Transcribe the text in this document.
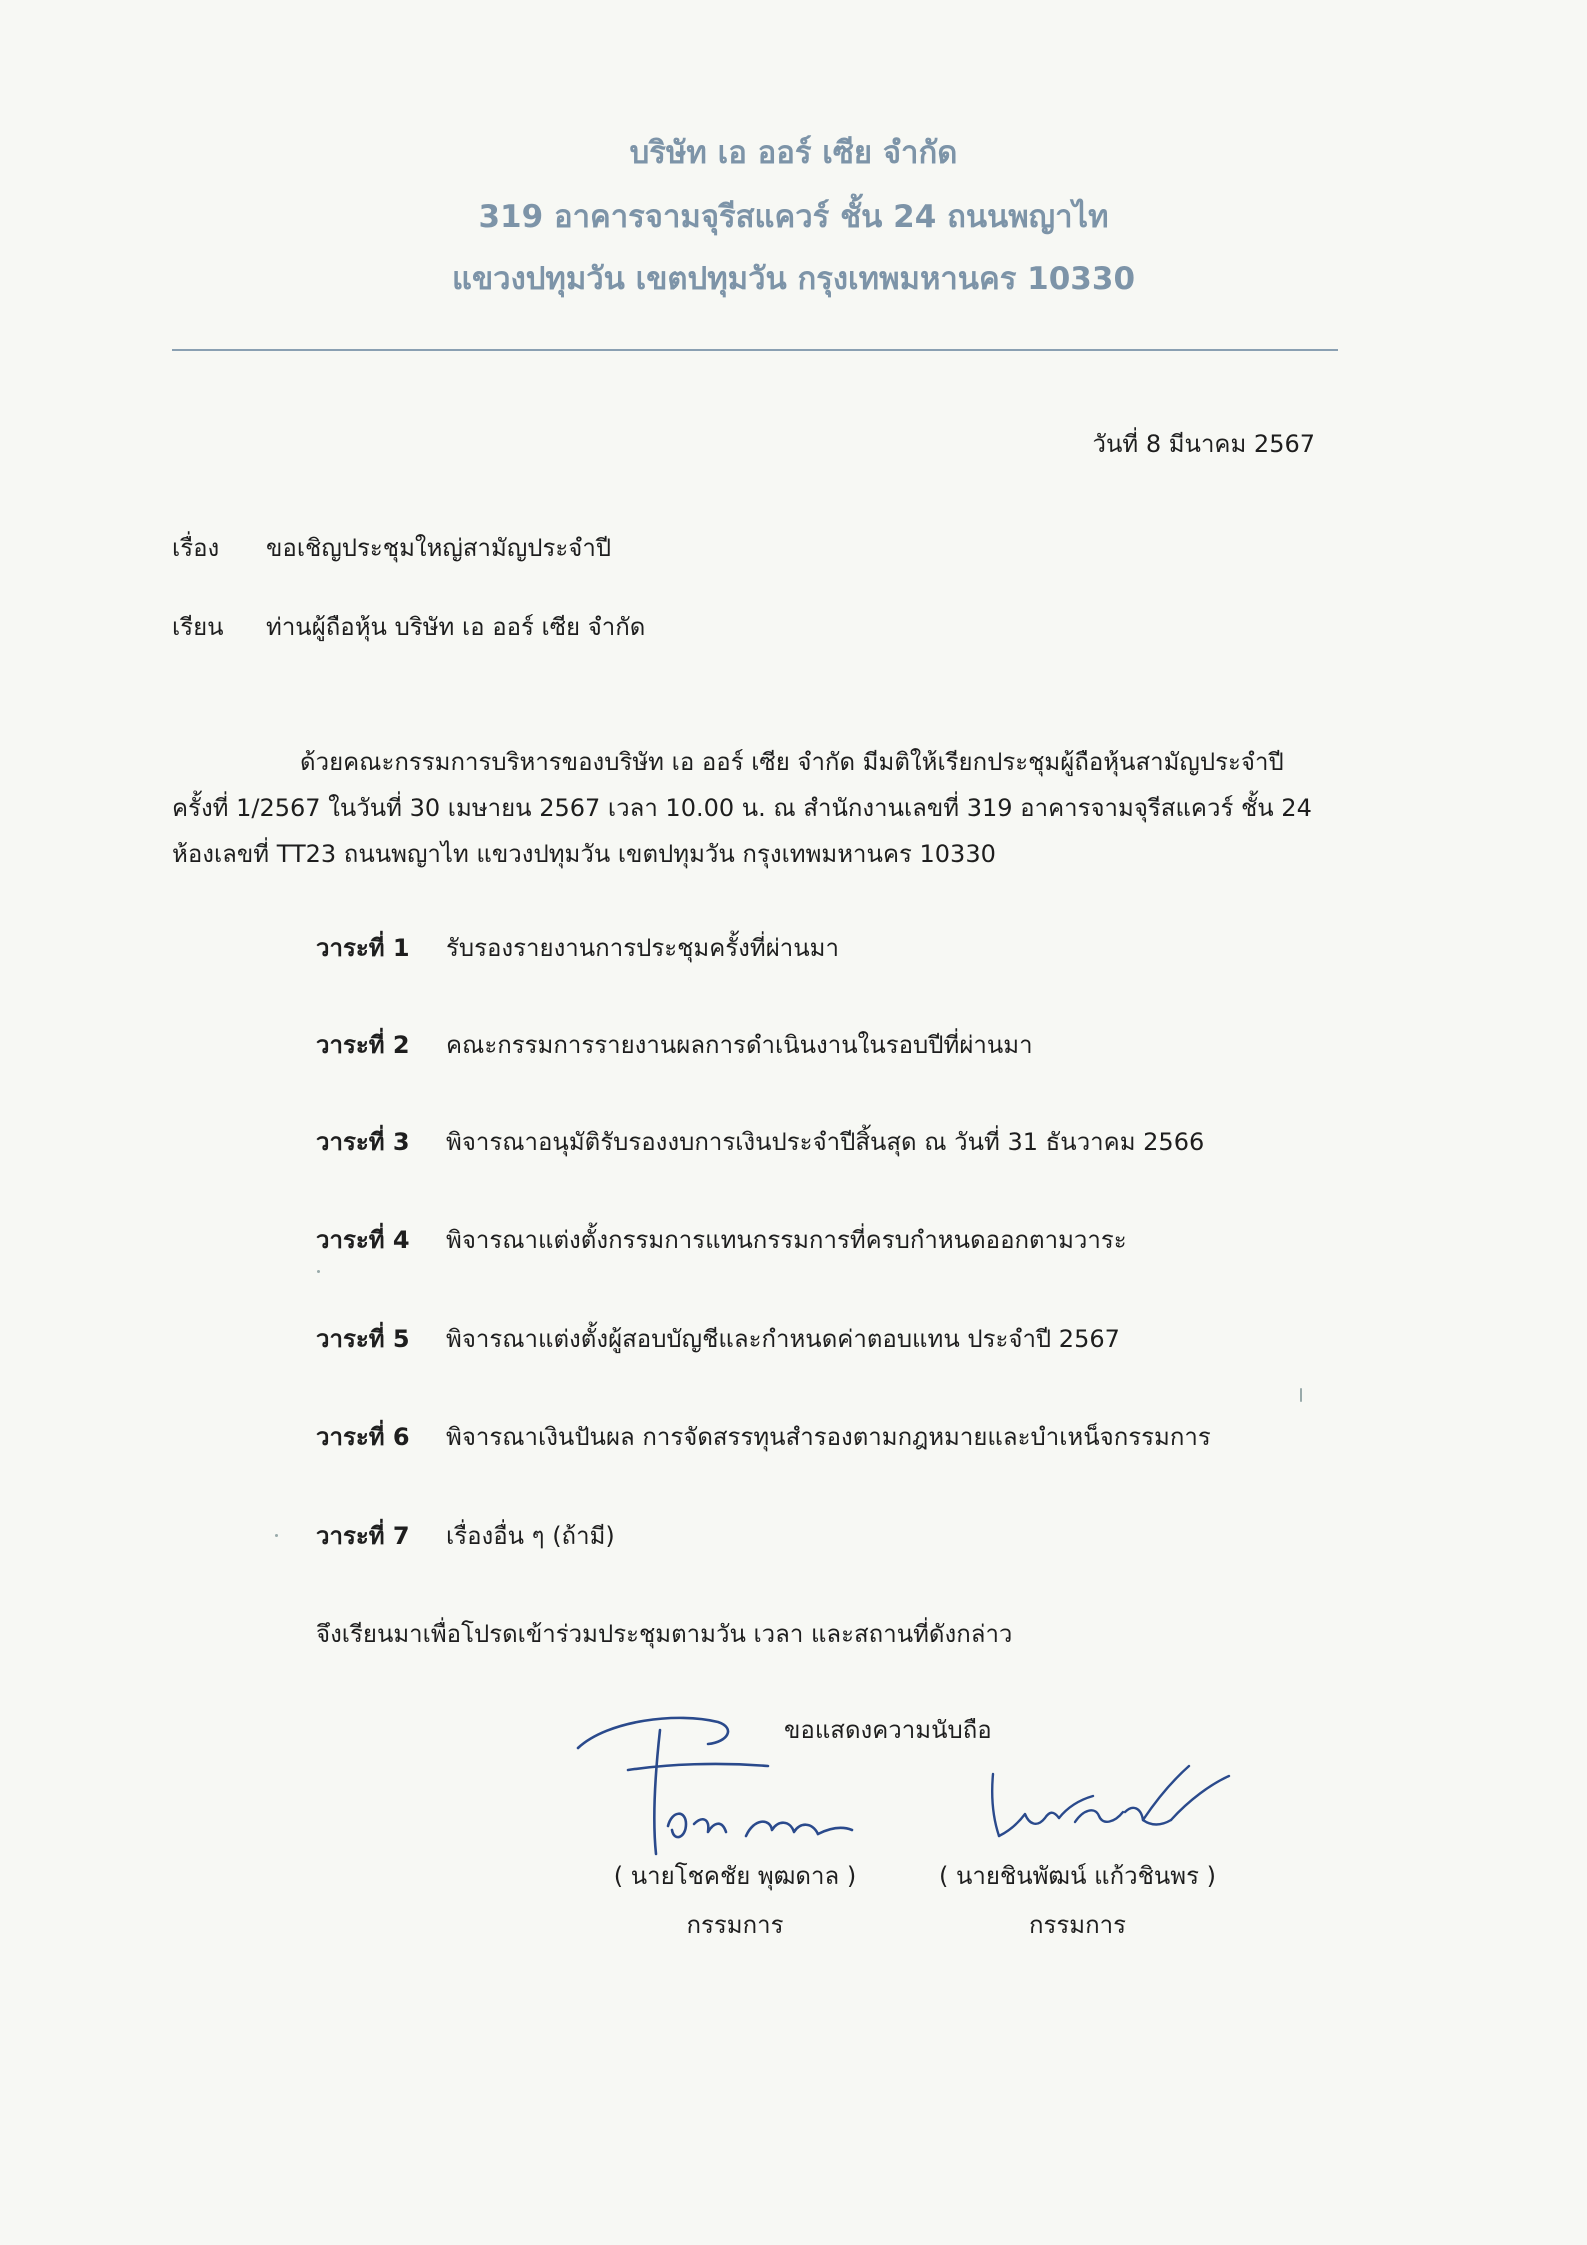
บริษัท เอ ออร์ เซีย จำกัด
319 อาคารจามจุรีสแควร์ ชั้น 24 ถนนพญาไท
แขวงปทุมวัน เขตปทุมวัน กรุงเทพมหานคร 10330
วันที่ 8 มีนาคม 2567
เรื่อง ขอเชิญประชุมใหญ่สามัญประจำปี
เรียน ท่านผู้ถือหุ้น บริษัท เอ ออร์ เซีย จำกัด
ด้วยคณะกรรมการบริหารของบริษัท เอ ออร์ เซีย จำกัด มีมติให้เรียกประชุมผู้ถือหุ้นสามัญประจำปี
ครั้งที่ 1/2567 ในวันที่ 30 เมษายน 2567 เวลา 10.00 น. ณ สำนักงานเลขที่ 319 อาคารจามจุรีสแควร์ ชั้น 24
ห้องเลขที่ TT23 ถนนพญาไท แขวงปทุมวัน เขตปทุมวัน กรุงเทพมหานคร 10330
วาระที่ 1 รับรองรายงานการประชุมครั้งที่ผ่านมา
วาระที่ 2 คณะกรรมการรายงานผลการดำเนินงานในรอบปีที่ผ่านมา
วาระที่ 3 พิจารณาอนุมัติรับรองงบการเงินประจำปีสิ้นสุด ณ วันที่ 31 ธันวาคม 2566
วาระที่ 4 พิจารณาแต่งตั้งกรรมการแทนกรรมการที่ครบกำหนดออกตามวาระ
วาระที่ 5 พิจารณาแต่งตั้งผู้สอบบัญชีและกำหนดค่าตอบแทน ประจำปี 2567
วาระที่ 6 พิจารณาเงินปันผล การจัดสรรทุนสำรองตามกฎหมายและบำเหน็จกรรมการ
วาระที่ 7 เรื่องอื่น ๆ (ถ้ามี)
จึงเรียนมาเพื่อโปรดเข้าร่วมประชุมตามวัน เวลา และสถานที่ดังกล่าว
ขอแสดงความนับถือ
( นายโชคชัย พุฒดาล )	( นายชินพัฒน์ แก้วชินพร )
กรรมการ	กรรมการ
